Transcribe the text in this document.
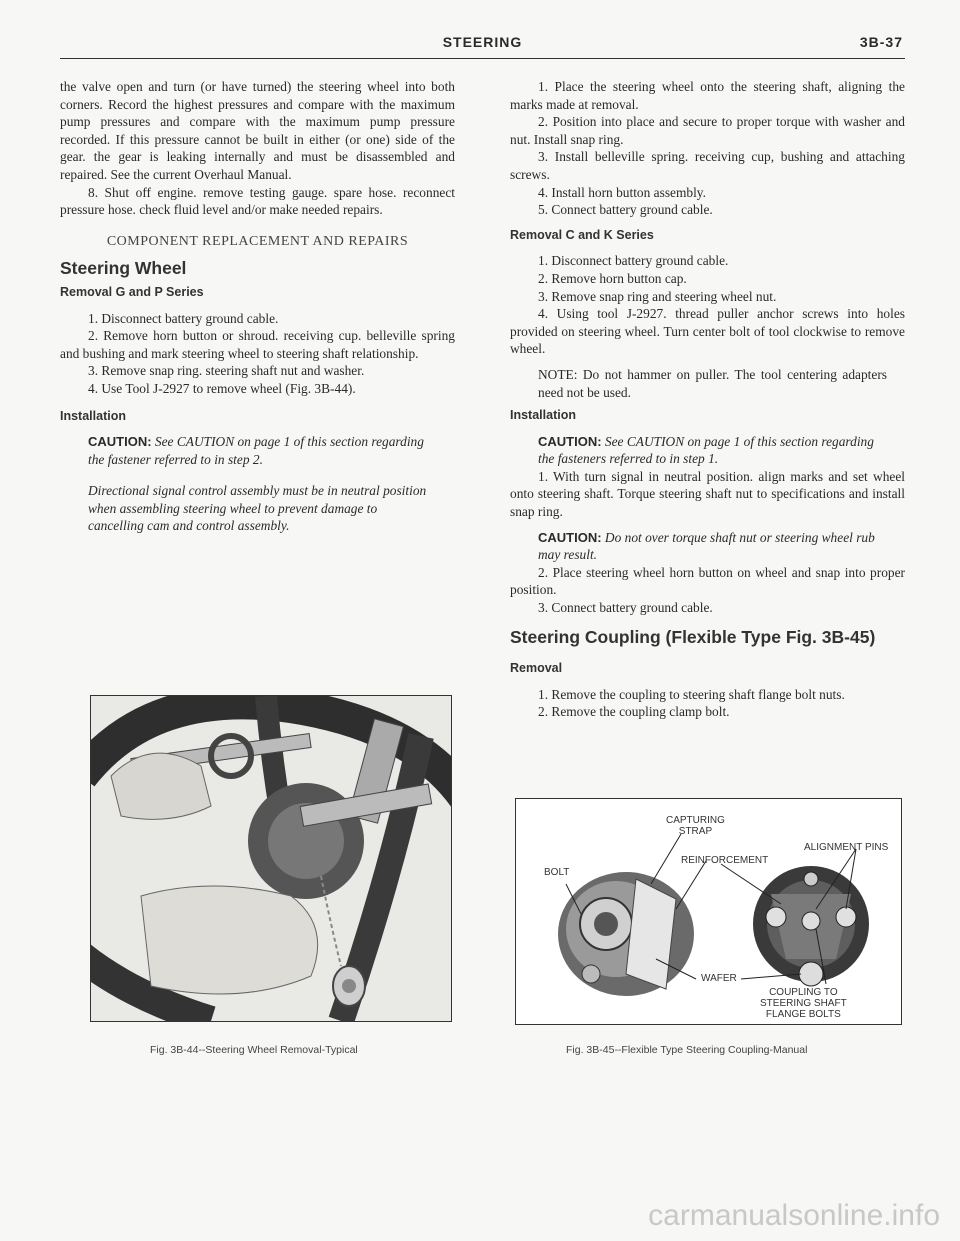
STEERING	3B-37

the valve open and turn (or have turned) the steering wheel into both corners. Record the highest pressures and compare with the maximum pump pressures and compare with the maximum pump pressure recorded. If this pressure cannot be built in either (or one) side of the gear. the gear is leaking internally and must be disassembled and repaired. See the current Overhaul Manual.

8. Shut off engine. remove testing gauge. spare hose. reconnect pressure hose. check fluid level and/or make needed repairs.

COMPONENT REPLACEMENT AND REPAIRS
Steering Wheel
Removal G and P Series

1. Disconnect battery ground cable.

2. Remove horn button or shroud. receiving cup. belleville spring and bushing and mark steering wheel to steering shaft relationship.

3. Remove snap ring. steering shaft nut and washer.

4. Use Tool J-2927 to remove wheel (Fig. 3B-44).

Installation
CAUTION: See CAUTION on page 1 of this section regarding the fastener referred to in step 2.
Directional signal control assembly must be in neutral position when assembling steering wheel to prevent damage to cancelling cam and control assembly.
Fig. 3B-44--Steering Wheel Removal-Typical

1. Place the steering wheel onto the steering shaft, aligning the marks made at removal.

2. Position into place and secure to proper torque with washer and nut. Install snap ring.

3. Install belleville spring. receiving cup, bushing and attaching screws.

4. Install horn button assembly.

5. Connect battery ground cable.

Removal C and K Series

1. Disconnect battery ground cable.

2. Remove horn button cap.

3. Remove snap ring and steering wheel nut.

4. Using tool J-2927. thread puller anchor screws into holes provided on steering wheel. Turn center bolt of tool clockwise to remove wheel.

NOTE: Do not hammer on puller. The tool centering adapters need not be used.
Installation
CAUTION: See CAUTION on page 1 of this section regarding the fasteners referred to in step 1.

1. With turn signal in neutral position. align marks and set wheel onto steering shaft. Torque steering shaft nut to specifications and install snap ring.

CAUTION: Do not over torque shaft nut or steering wheel rub may result.

2. Place steering wheel horn button on wheel and snap into proper position.

3. Connect battery ground cable.

Steering Coupling (Flexible Type Fig. 3B-45)
Removal

1. Remove the coupling to steering shaft flange bolt nuts.

2. Remove the coupling clamp bolt.

CAPTURING
STRAP
ALIGNMENT PINS
BOLT
REINFORCEMENT
WAFER
COUPLING TO
STEERING SHAFT
FLANGE BOLTS
Fig. 3B-45--Flexible Type Steering Coupling-Manual
carmanualsonline.info
